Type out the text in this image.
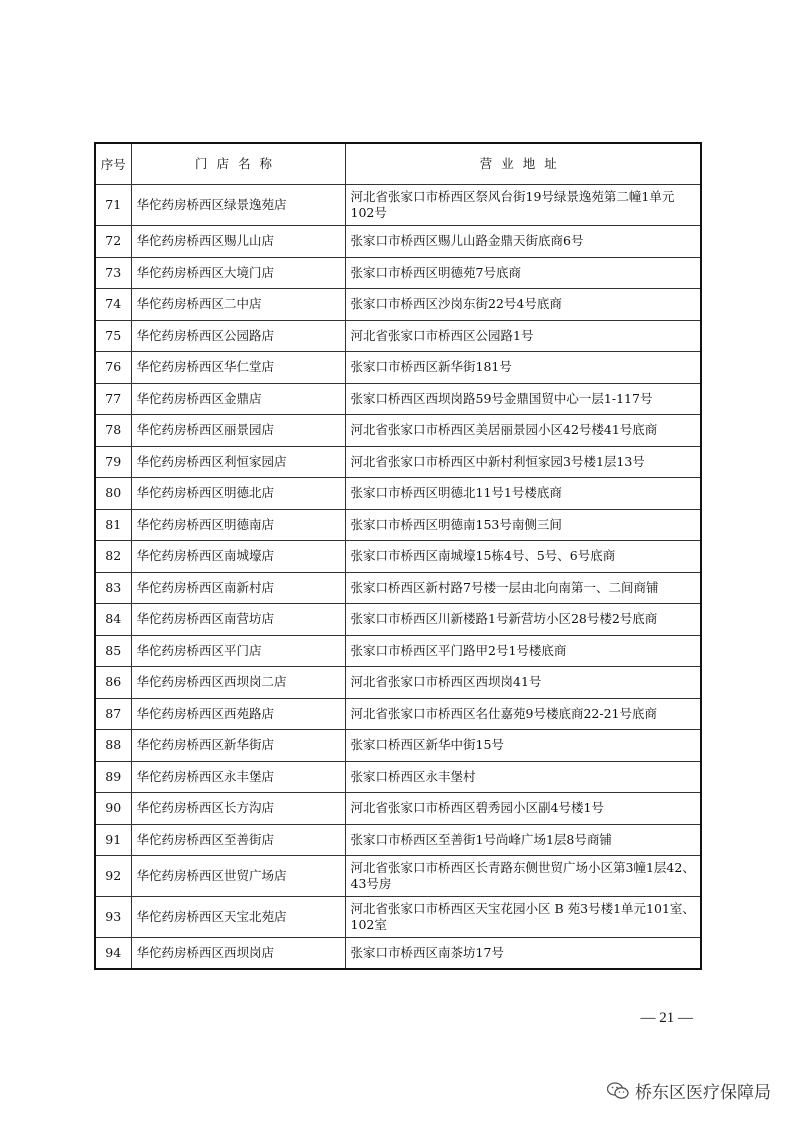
序号	门店名称	营业地址
71	华佗药房桥西区绿景逸苑店	河北省张家口市桥西区祭风台街19号绿景逸苑第二幢1单元102号
72	华佗药房桥西区赐儿山店	张家口市桥西区赐儿山路金鼎天街底商6号
73	华佗药房桥西区大境门店	张家口市桥西区明德苑7号底商
74	华佗药房桥西区二中店	张家口市桥西区沙岗东街22号4号底商
75	华佗药房桥西区公园路店	河北省张家口市桥西区公园路1号
76	华佗药房桥西区华仁堂店	张家口市桥西区新华街181号
77	华佗药房桥西区金鼎店	张家口桥西区西坝岗路59号金鼎国贸中心一层1-117号
78	华佗药房桥西区丽景园店	河北省张家口市桥西区美居丽景园小区42号楼41号底商
79	华佗药房桥西区利恒家园店	河北省张家口市桥西区中新村利恒家园3号楼1层13号
80	华佗药房桥西区明德北店	张家口市桥西区明德北11号1号楼底商
81	华佗药房桥西区明德南店	张家口市桥西区明德南153号南侧三间
82	华佗药房桥西区南城壕店	张家口市桥西区南城壕15栋4号、5号、6号底商
83	华佗药房桥西区南新村店	张家口桥西区新村路7号楼一层由北向南第一、二间商铺
84	华佗药房桥西区南营坊店	张家口市桥西区川新楼路1号新营坊小区28号楼2号底商
85	华佗药房桥西区平门店	张家口市桥西区平门路甲2号1号楼底商
86	华佗药房桥西区西坝岗二店	河北省张家口市桥西区西坝岗41号
87	华佗药房桥西区西苑路店	河北省张家口市桥西区名仕嘉苑9号楼底商22-21号底商
88	华佗药房桥西区新华街店	张家口桥西区新华中街15号
89	华佗药房桥西区永丰堡店	张家口桥西区永丰堡村
90	华佗药房桥西区长方沟店	河北省张家口市桥西区碧秀园小区副4号楼1号
91	华佗药房桥西区至善街店	张家口市桥西区至善街1号尚峰广场1层8号商铺
92	华佗药房桥西区世贸广场店	河北省张家口市桥西区长青路东侧世贸广场小区第3幢1层42、43号房
93	华佗药房桥西区天宝北苑店	河北省张家口市桥西区天宝花园小区 B 苑3号楼1单元101室、102室
94	华佗药房桥西区西坝岗店	张家口市桥西区南茶坊17号
— 21 —
桥东区医疗保障局
